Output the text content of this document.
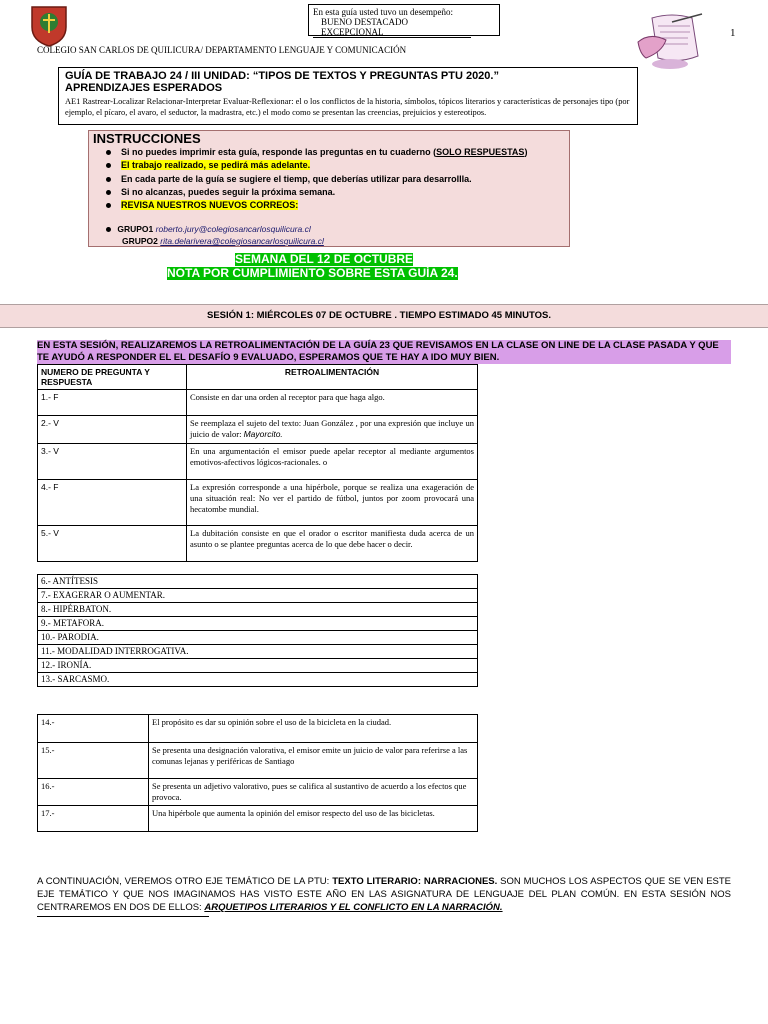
En esta guía usted tuvo un desempeño:
BUENO DESTACADO EXCEPCIONAL	1
COLEGIO SAN CARLOS DE QUILICURA/ DEPARTAMENTO LENGUAJE Y COMUNICACIÓN
GUÍA DE TRABAJO 24 / III UNIDAD: “TIPOS DE TEXTOS Y PREGUNTAS PTU 2020.”
APRENDIZAJES ESPERADOS
AE1 Rastrear-Localizar Relacionar-Interpretar Evaluar-Reflexionar: el o los conflictos de la historia, símbolos, tópicos literarios y características de personajes tipo (por ejemplo, el pícaro, el avaro, el seductor, la madrastra, etc.) el modo como se presentan las creencias, prejuicios y estereotipos.
INSTRUCCIONES
Si no puedes imprimir esta guía, responde las preguntas en tu cuaderno (SOLO RESPUESTAS)
El trabajo realizado, se pedirá más adelante.
En cada parte de la guía se sugiere el tiemp, que deberías utilizar para desarrollla.
Si no alcanzas, puedes seguir la próxima semana.
REVISA NUESTROS NUEVOS CORREOS:
GRUPO1 roberto.jury@colegiosancarlosquilicura.cl
GRUPO2 rita.delarivera@colegiosancarlosquilicura.cl
SEMANA DEL 12 DE OCTUBRE
NOTA POR CUMPLIMIENTO SOBRE ESTA GUÍA 24.
SESIÓN 1: MIÉRCOLES 07 DE OCTUBRE . TIEMPO ESTIMADO 45 MINUTOS.
EN ESTA SESIÓN, REALIZAREMOS LA RETROALIMENTACIÓN DE LA GUÍA 23 QUE REVISAMOS EN LA CLASE ON LINE DE LA CLASE PASADA Y QUE TE AYUDÓ A RESPONDER EL EL DESAFÍO 9 EVALUADO, ESPERAMOS QUE TE HAY A IDO MUY BIEN.
NUMERO DE PREGUNTA Y RESPUESTA	RETROALIMENTACIÓN
1.- F	Consiste en dar una orden al receptor para que haga algo.
2.- V	Se reemplaza el sujeto del texto: Juan González , por una expresión que incluye un juicio de valor: Mayorcito.
3.- V	En una argumentación el emisor puede apelar receptor al mediante argumentos emotivos-afectivos lógicos-racionales. o
4.- F	La expresión corresponde a una hipérbole, porque se realiza una exageración de una situación real: No ver el partido de fútbol, juntos por zoom provocará una hecatombe mundial.
5.- V	La dubitación consiste en que el orador o escritor manifiesta duda acerca de un asunto o se plantee preguntas acerca de lo que debe hacer o decir.
6.- ANTÍTESIS
7.- EXAGERAR O AUMENTAR.
8.- HIPÉRBATON.
9.- METAFORA.
10.- PARODIA.
11.- MODALIDAD INTERROGATIVA.
12.- IRONÍA.
13.- SARCASMO.
14.-	El propósito es dar su opinión sobre el uso de la bicicleta en la ciudad.
15.-	Se presenta una designación valorativa, el emisor emite un juicio de valor para referirse a las comunas lejanas y periféricas de Santiago
16.-	Se presenta un adjetivo valorativo, pues se califica al sustantivo de acuerdo a los efectos que provoca.
17.-	Una hipérbole que aumenta la opinión del emisor respecto del uso de las bicicletas.
A CONTINUACIÓN, VEREMOS OTRO EJE TEMÁTICO DE LA PTU: TEXTO LITERARIO: NARRACIONES. SON MUCHOS LOS ASPECTOS QUE SE VEN ESTE EJE TEMÁTICO Y QUE NOS IMAGINAMOS HAS VISTO ESTE AÑO EN LAS ASIGNATURA DE LENGUAJE DEL PLAN COMÚN. EN ESTA SESIÓN NOS CENTRAREMOS EN DOS DE ELLOS: ARQUETIPOS LITERARIOS Y EL CONFLICTO EN LA NARRACIÓN.
